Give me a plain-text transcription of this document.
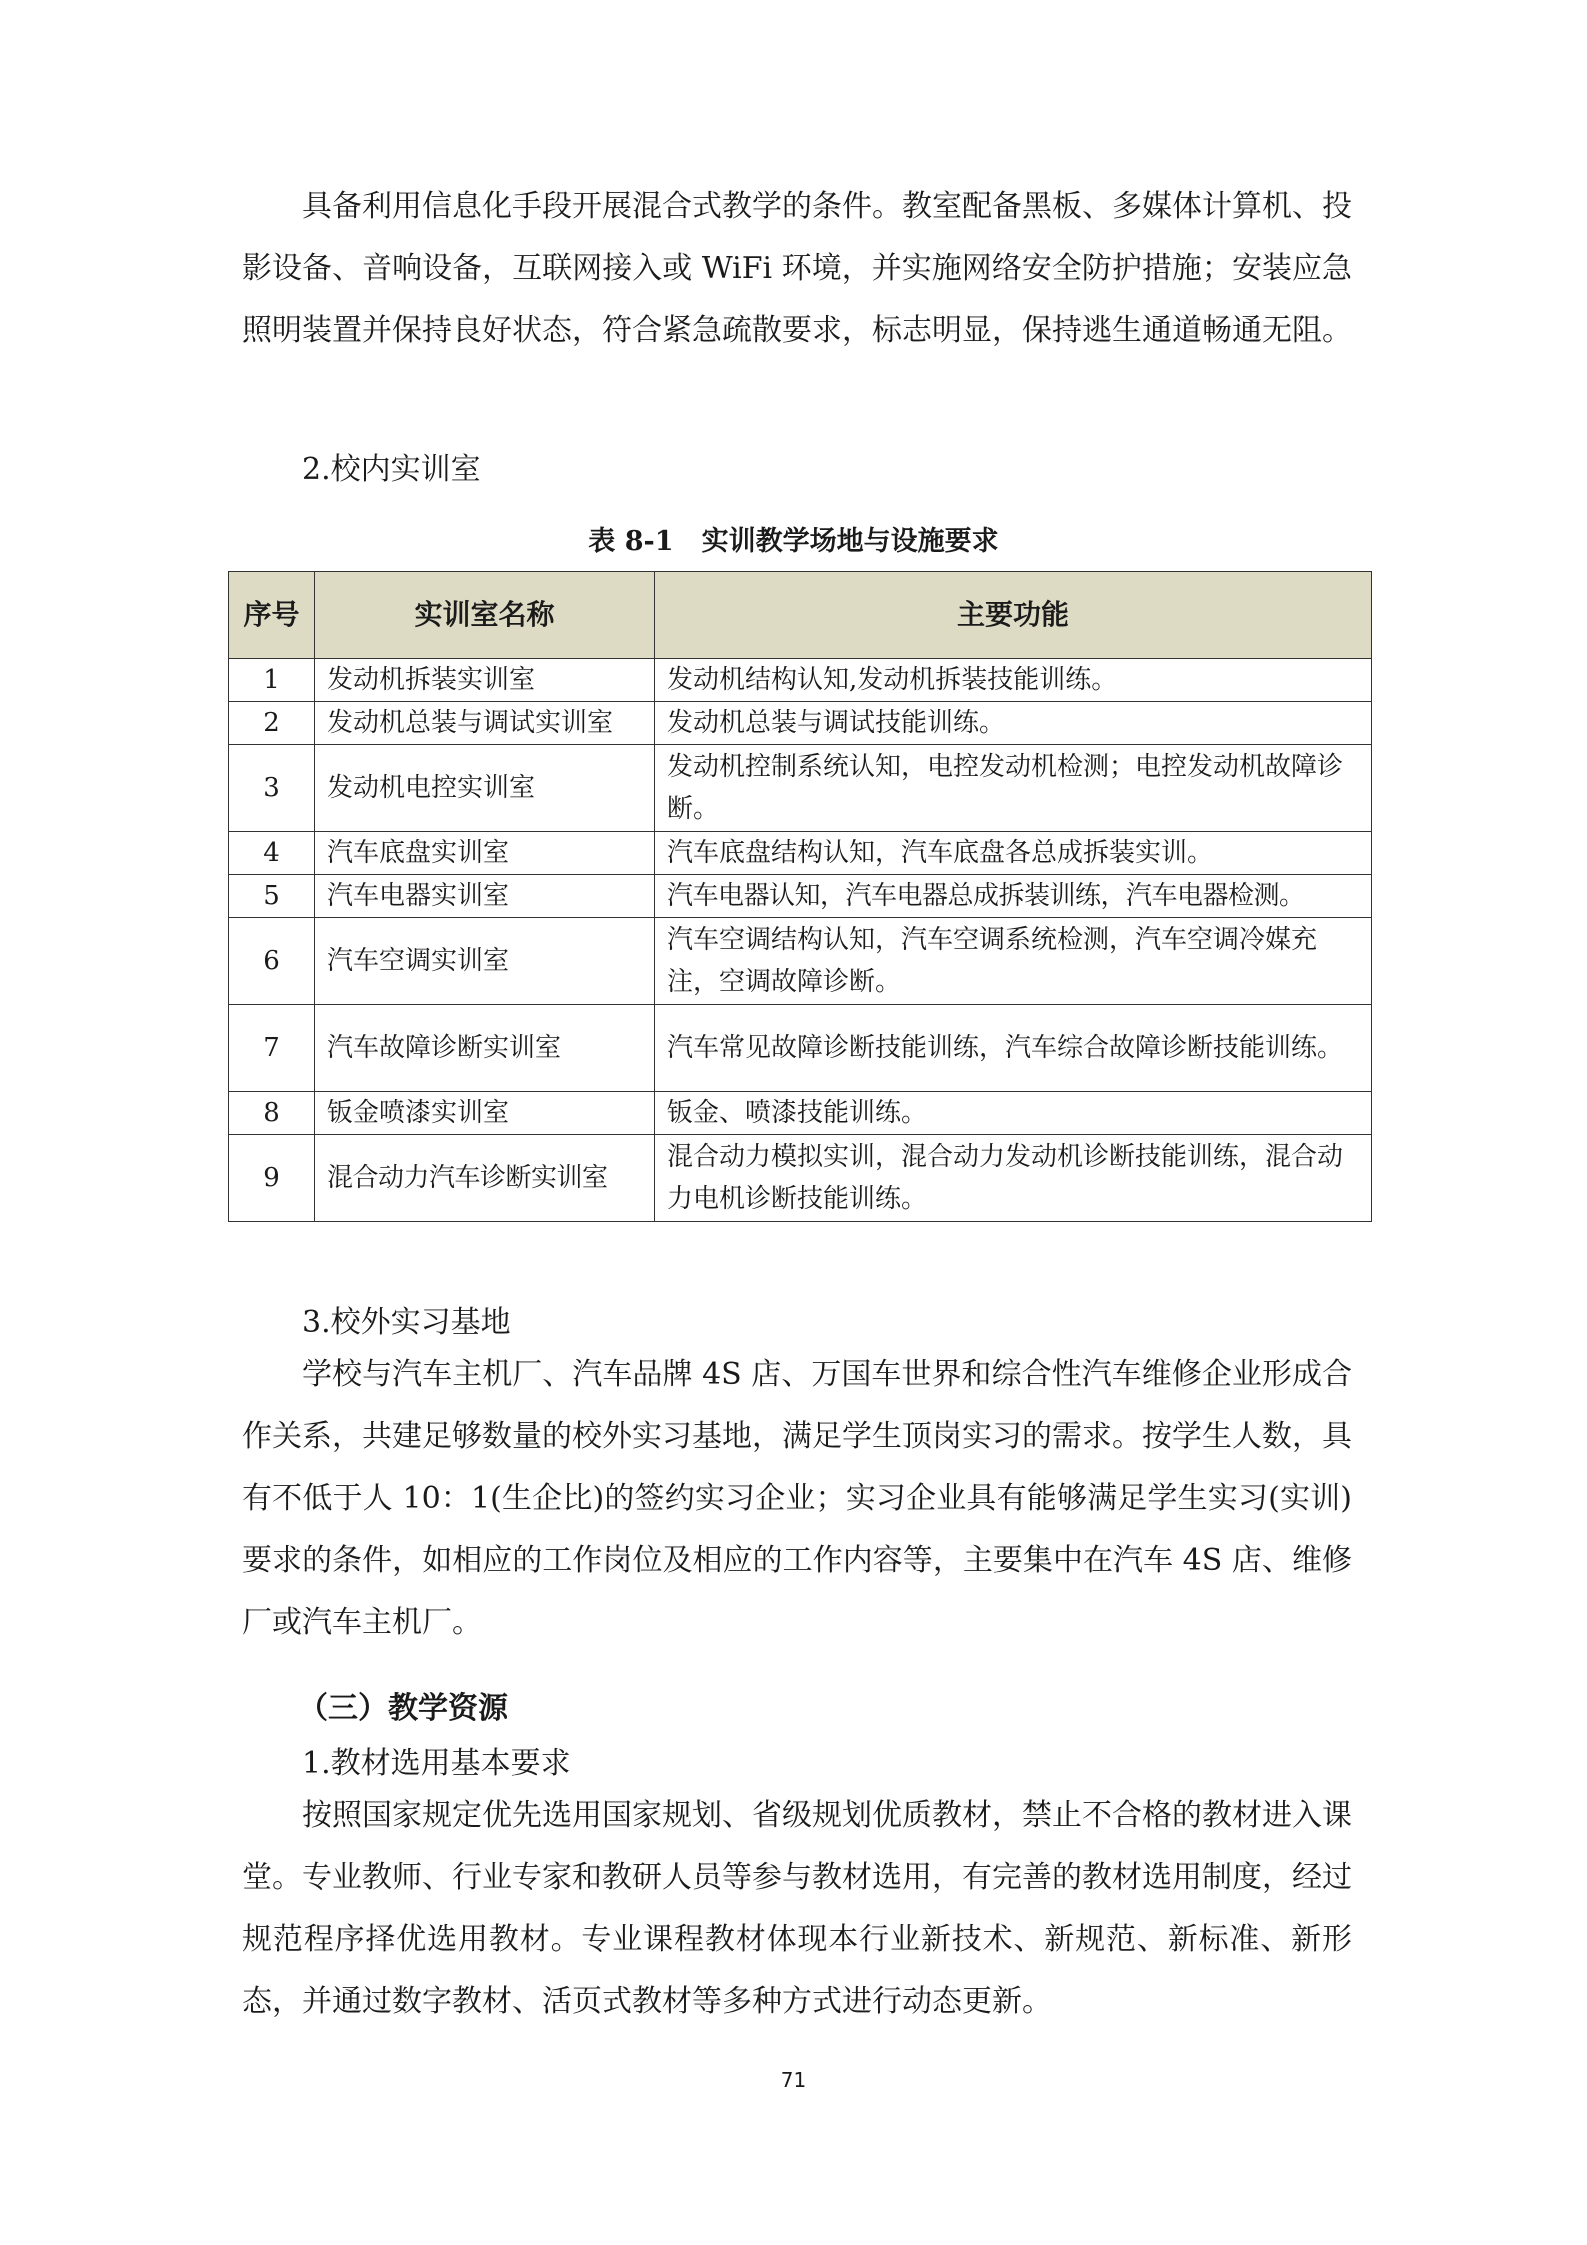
具备利用信息化手段开展混合式教学的条件。教室配备黑板、多媒体计算机、投影设备、音响设备，互联网接入或 WiFi 环境，并实施网络安全防护措施；安装应急照明装置并保持良好状态，符合紧急疏散要求，标志明显，保持逃生通道畅通无阻。

2.校内实训室

表 8-1   实训教学场地与设施要求

序号	实训室名称	主要功能
1	发动机拆装实训室	发动机结构认知,发动机拆装技能训练。
2	发动机总装与调试实训室	发动机总装与调试技能训练。
3	发动机电控实训室	发动机控制系统认知，电控发动机检测；电控发动机故障诊断。
4	汽车底盘实训室	汽车底盘结构认知，汽车底盘各总成拆装实训。
5	汽车电器实训室	汽车电器认知，汽车电器总成拆装训练，汽车电器检测。
6	汽车空调实训室	汽车空调结构认知，汽车空调系统检测，汽车空调冷媒充注，空调故障诊断。
7	汽车故障诊断实训室	汽车常见故障诊断技能训练，汽车综合故障诊断技能训练。
8	钣金喷漆实训室	钣金、喷漆技能训练。
9	混合动力汽车诊断实训室	混合动力模拟实训，混合动力发动机诊断技能训练，混合动力电机诊断技能训练。

3.校外实习基地

学校与汽车主机厂、汽车品牌 4S 店、万国车世界和综合性汽车维修企业形成合作关系，共建足够数量的校外实习基地，满足学生顶岗实习的需求。按学生人数，具有不低于人 10：1(生企比)的签约实习企业；实习企业具有能够满足学生实习(实训)要求的条件，如相应的工作岗位及相应的工作内容等，主要集中在汽车 4S 店、维修厂或汽车主机厂。

（三）教学资源

1.教材选用基本要求

按照国家规定优先选用国家规划、省级规划优质教材，禁止不合格的教材进入课堂。专业教师、行业专家和教研人员等参与教材选用，有完善的教材选用制度，经过规范程序择优选用教材。专业课程教材体现本行业新技术、新规范、新标准、新形态，并通过数字教材、活页式教材等多种方式进行动态更新。

71
